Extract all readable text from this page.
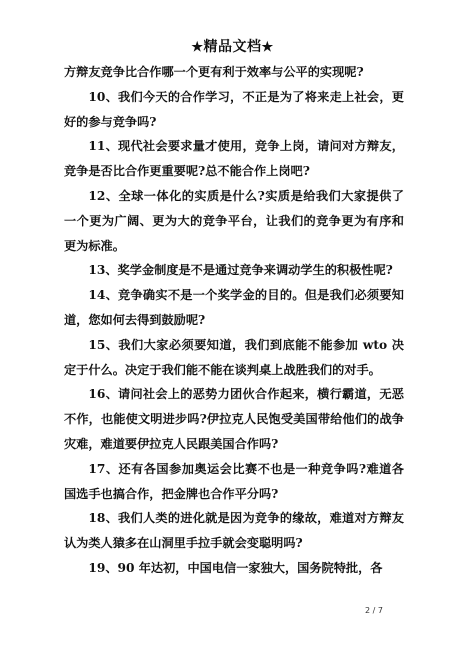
★精品文档★

方辩友竞争比合作哪一个更有利于效率与公平的实现呢?

10、我们今天的合作学习，不正是为了将来走上社会，更好的参与竞争吗?

11、现代社会要求量才使用，竞争上岗，请问对方辩友，竞争是否比合作更重要呢?总不能合作上岗吧?

12、全球一体化的实质是什么?实质是给我们大家提供了一个更为广阔、更为大的竞争平台，让我们的竞争更为有序和更为标准。

13、奖学金制度是不是通过竞争来调动学生的积极性呢?

14、竞争确实不是一个奖学金的目的。但是我们必须要知道，您如何去得到鼓励呢?

15、我们大家必须要知道，我们到底能不能参加 wto 决定于什么。决定于我们能不能在谈判桌上战胜我们的对手。

16、请问社会上的恶势力团伙合作起来，横行霸道，无恶不作，也能使文明进步吗?伊拉克人民饱受美国带给他们的战争灾难，难道要伊拉克人民跟美国合作吗?

17、还有各国参加奥运会比赛不也是一种竞争吗?难道各国选手也搞合作，把金牌也合作平分吗?

18、我们人类的进化就是因为竞争的缘故，难道对方辩友认为类人猿多在山洞里手拉手就会变聪明吗?

19、90 年达初，中国电信一家独大，国务院特批，各

2 / 7
